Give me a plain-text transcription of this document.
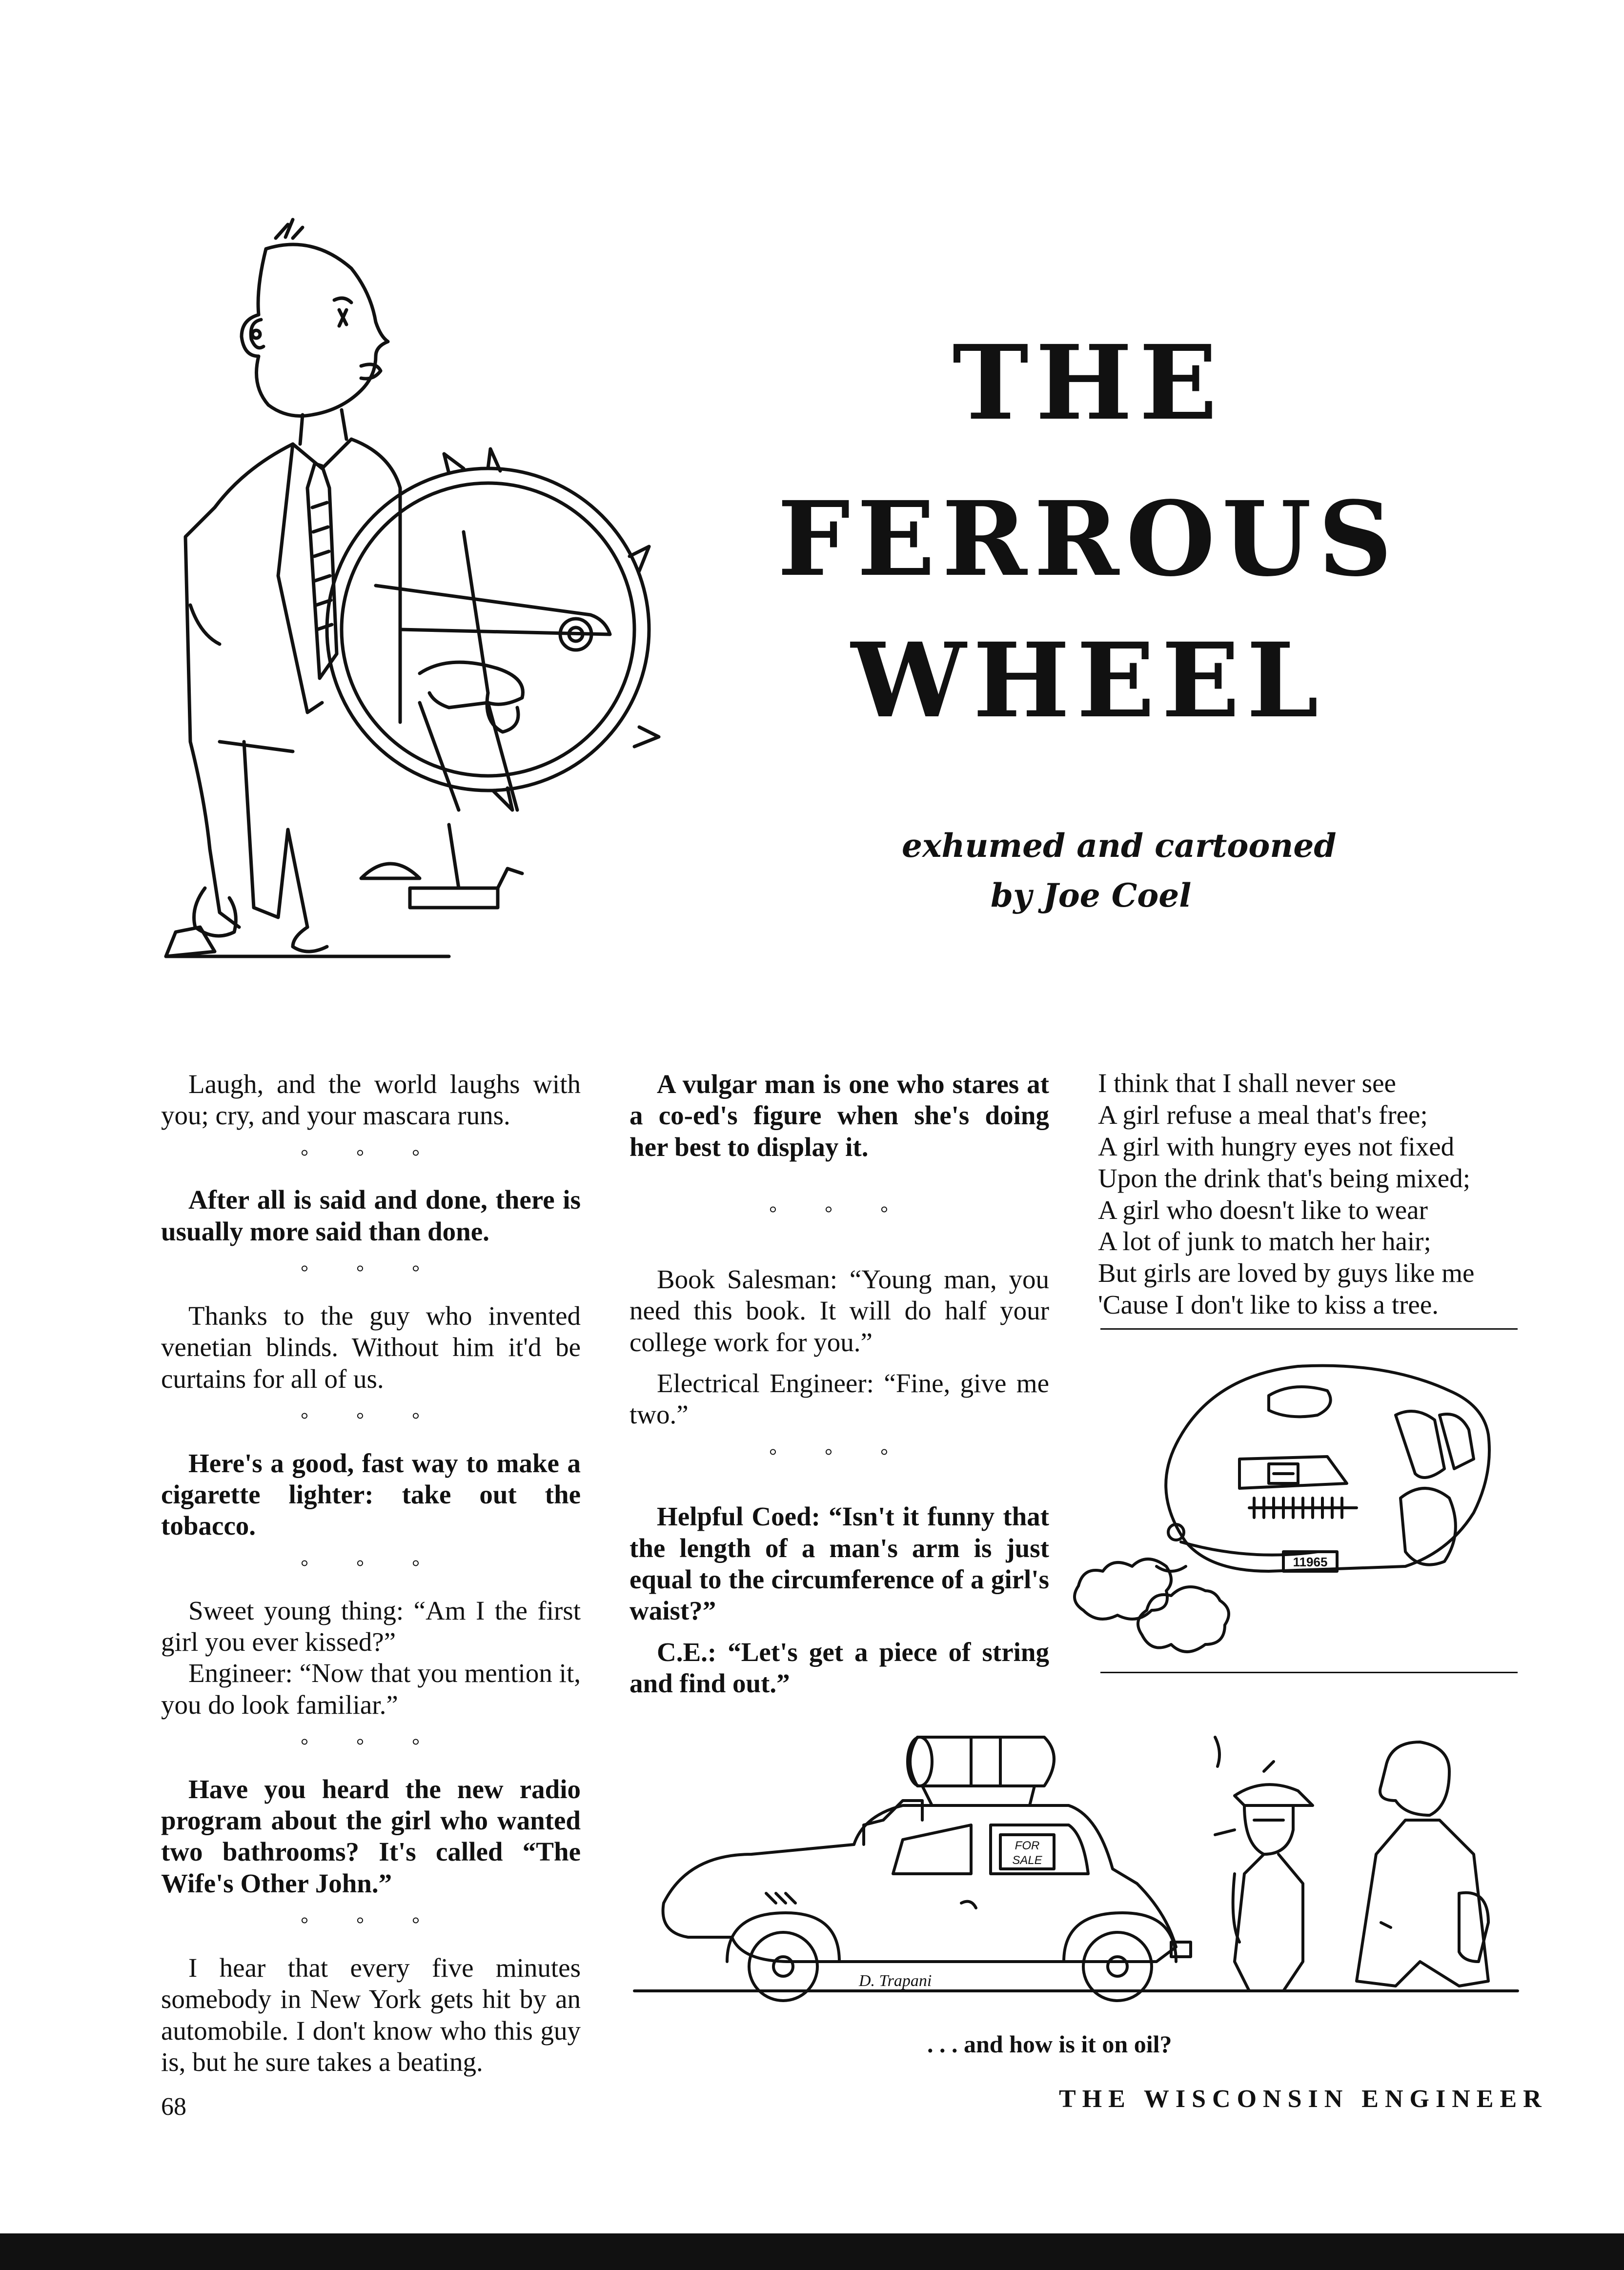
THE
FERROUS
WHEEL
exhumed and cartooned
by Joe Coel

Laugh, and the world laughs with you; cry, and your mascara runs.

° ° °

After all is said and done, there is usually more said than done.

° ° °

Thanks to the guy who invented venetian blinds. Without him it'd be curtains for all of us.

° ° °

Here's a good, fast way to make a cigarette lighter: take out the tobacco.

° ° °

Sweet young thing: “Am I the first girl you ever kissed?”

Engineer: “Now that you mention it, you do look familiar.”

° ° °

Have you heard the new radio program about the girl who wanted two bathrooms? It's called “The Wife's Other John.”

° ° °

I hear that every five minutes somebody in New York gets hit by an automobile. I don't know who this guy is, but he sure takes a beating.

A vulgar man is one who stares at a co-ed's figure when she's doing her best to display it.

° ° °

Book Salesman: “Young man, you need this book. It will do half your college work for you.”

Electrical Engineer: “Fine, give me two.”

° ° °

Helpful Coed: “Isn't it funny that the length of a man's arm is just equal to the circumference of a girl's waist?”

C.E.: “Let's get a piece of string and find out.”

I think that I shall never see
A girl refuse a meal that's free;
A girl with hungry eyes not fixed
Upon the drink that's being mixed;
A girl who doesn't like to wear
A lot of junk to match her hair;
But girls are loved by guys like me
'Cause I don't like to kiss a tree.
11965
FOR
SALE
D. Trapani
. . . and how is it on oil?
68	THE WISCONSIN ENGINEER
